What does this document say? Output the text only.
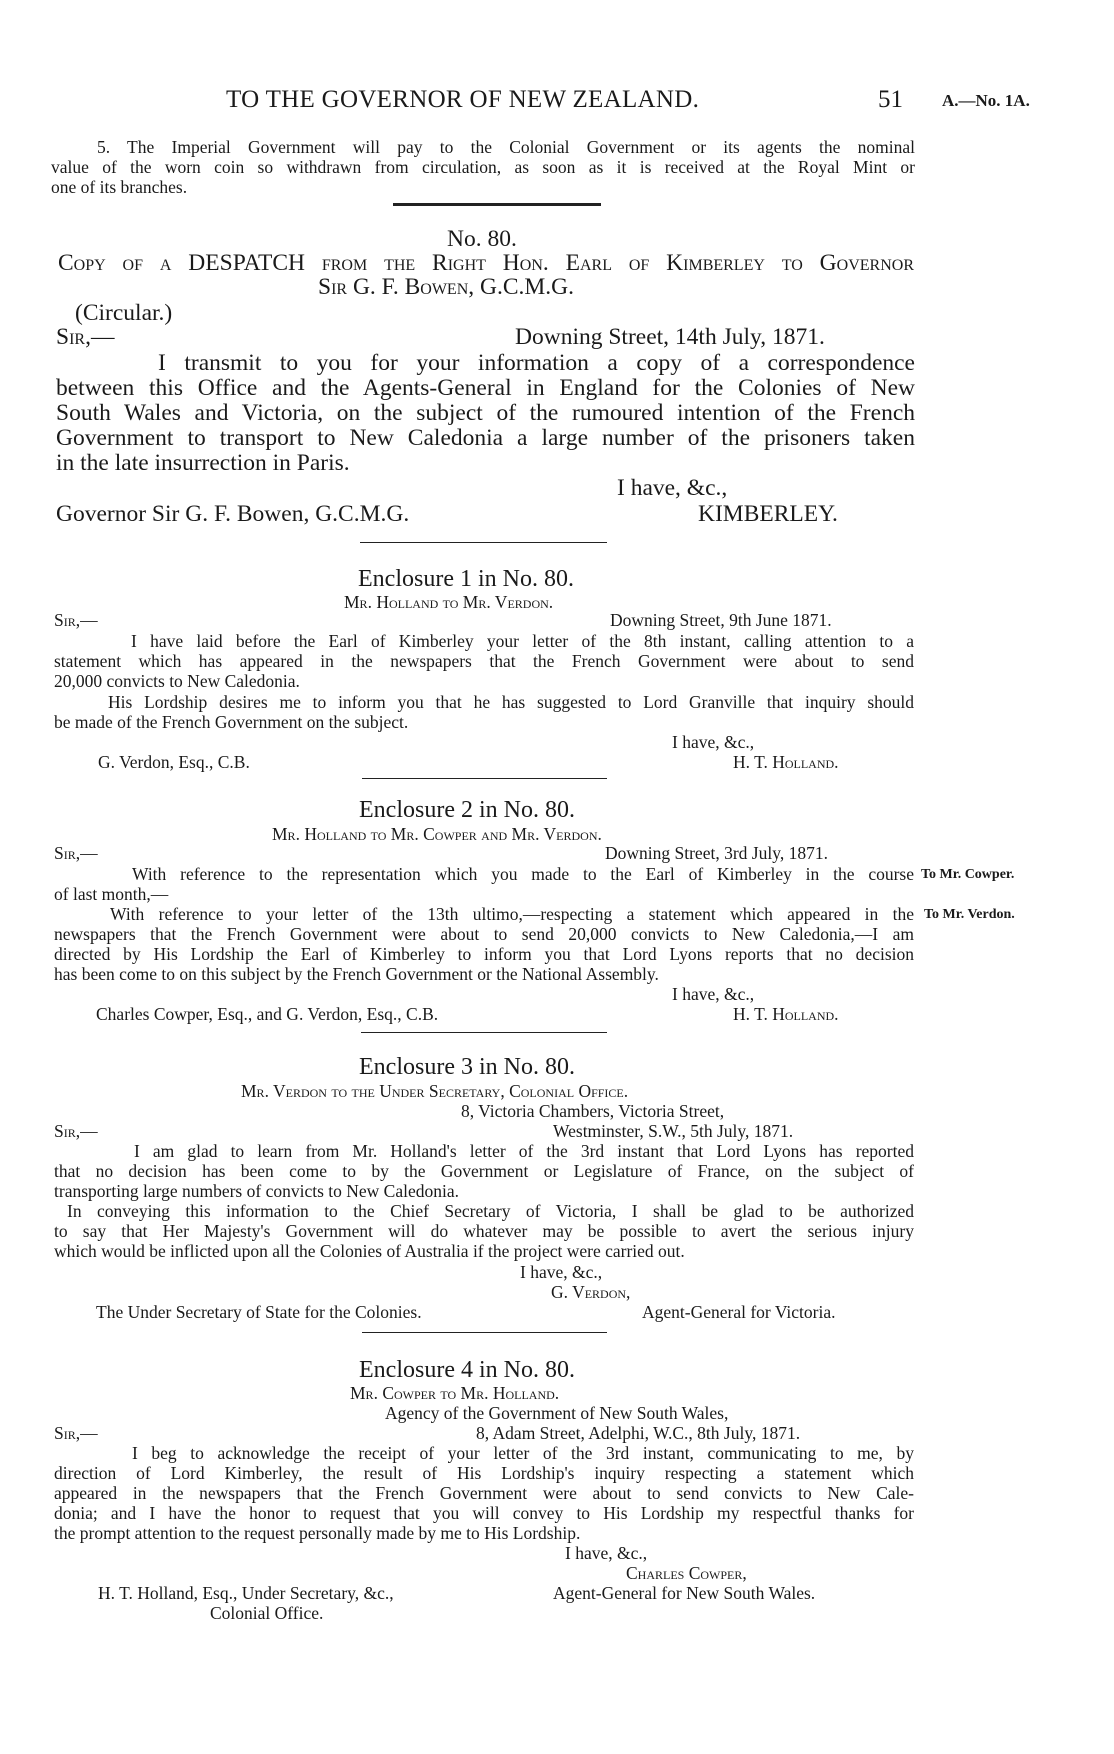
TO THE GOVERNOR OF NEW ZEALAND.	51 A.—No. 1A.
5. The Imperial Government will pay to the Colonial Government or its agents the nominal
value of the worn coin so withdrawn from circulation, as soon as it is received at the Royal Mint or
one of its branches.
No. 80.
Copy of a DESPATCH from the Right Hon. Earl of Kimberley to Governor
Sir G. F. Bowen, G.C.M.G.
(Circular.)
Sir,—	Downing Street, 14th July, 1871.
I transmit to you for your information a copy of a correspondence
between this Office and the Agents-General in England for the Colonies of New
South Wales and Victoria, on the subject of the rumoured intention of the French
Government to transport to New Caledonia a large number of the prisoners taken
in the late insurrection in Paris.
I have, &c.,
Governor Sir G. F. Bowen, G.C.M.G.	KIMBERLEY.
Enclosure 1 in No. 80.
Mr. Holland to Mr. Verdon.
Sir,—	Downing Street, 9th June 1871.
I have laid before the Earl of Kimberley your letter of the 8th instant, calling attention to a
statement which has appeared in the newspapers that the French Government were about to send
20,000 convicts to New Caledonia.
His Lordship desires me to inform you that he has suggested to Lord Granville that inquiry should
be made of the French Government on the subject.
I have, &c.,
G. Verdon, Esq., C.B.	H. T. Holland.
Enclosure 2 in No. 80.
Mr. Holland to Mr. Cowper and Mr. Verdon.
Sir,—	Downing Street, 3rd July, 1871.
With reference to the representation which you made to the Earl of Kimberley in the course To Mr. Cowper.
of last month,—
With reference to your letter of the 13th ultimo,—respecting a statement which appeared in the To Mr. Verdon.
newspapers that the French Government were about to send 20,000 convicts to New Caledonia,—I am
directed by His Lordship the Earl of Kimberley to inform you that Lord Lyons reports that no decision
has been come to on this subject by the French Government or the National Assembly.
I have, &c.,
Charles Cowper, Esq., and G. Verdon, Esq., C.B.	H. T. Holland.
Enclosure 3 in No. 80.
Mr. Verdon to the Under Secretary, Colonial Office.
8, Victoria Chambers, Victoria Street,
Sir,—	Westminster, S.W., 5th July, 1871.
I am glad to learn from Mr. Holland's letter of the 3rd instant that Lord Lyons has reported
that no decision has been come to by the Government or Legislature of France, on the subject of
transporting large numbers of convicts to New Caledonia.
In conveying this information to the Chief Secretary of Victoria, I shall be glad to be authorized
to say that Her Majesty's Government will do whatever may be possible to avert the serious injury
which would be inflicted upon all the Colonies of Australia if the project were carried out.
I have, &c.,
G. Verdon,
The Under Secretary of State for the Colonies.	Agent-General for Victoria.
Enclosure 4 in No. 80.
Mr. Cowper to Mr. Holland.
Agency of the Government of New South Wales,
Sir,—	8, Adam Street, Adelphi, W.C., 8th July, 1871.
I beg to acknowledge the receipt of your letter of the 3rd instant, communicating to me, by
direction of Lord Kimberley, the result of His Lordship's inquiry respecting a statement which
appeared in the newspapers that the French Government were about to send convicts to New Cale-
donia; and I have the honor to request that you will convey to His Lordship my respectful thanks for
the prompt attention to the request personally made by me to His Lordship.
I have, &c.,
Charles Cowper,
H. T. Holland, Esq., Under Secretary, &c.,	Agent-General for New South Wales.
Colonial Office.
